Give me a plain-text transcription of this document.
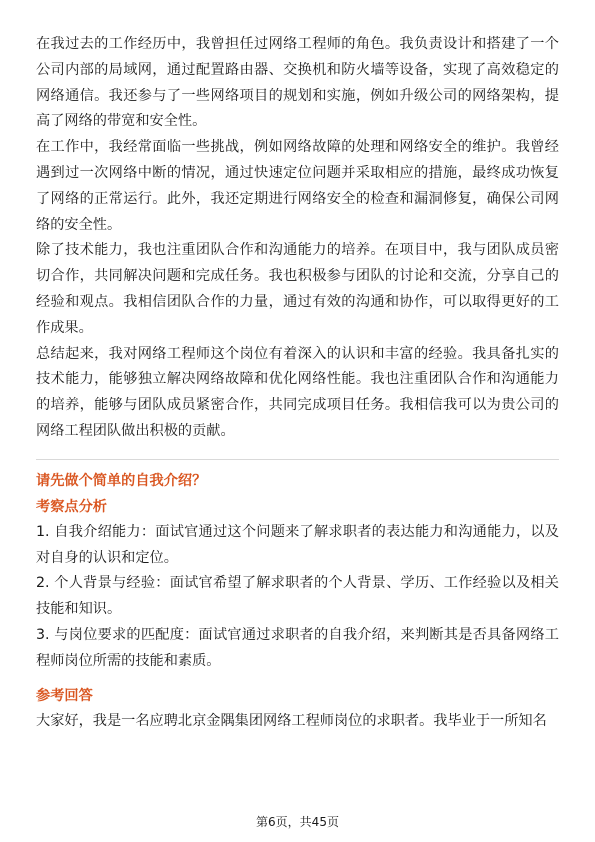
在我过去的工作经历中，我曾担任过网络工程师的角色。我负责设计和搭建了一个公司内部的局域网，通过配置路由器、交换机和防火墙等设备，实现了高效稳定的网络通信。我还参与了一些网络项目的规划和实施，例如升级公司的网络架构，提高了网络的带宽和安全性。

在工作中，我经常面临一些挑战，例如网络故障的处理和网络安全的维护。我曾经遇到过一次网络中断的情况，通过快速定位问题并采取相应的措施，最终成功恢复了网络的正常运行。此外，我还定期进行网络安全的检查和漏洞修复，确保公司网络的安全性。

除了技术能力，我也注重团队合作和沟通能力的培养。在项目中，我与团队成员密切合作，共同解决问题和完成任务。我也积极参与团队的讨论和交流，分享自己的经验和观点。我相信团队合作的力量，通过有效的沟通和协作，可以取得更好的工作成果。

总结起来，我对网络工程师这个岗位有着深入的认识和丰富的经验。我具备扎实的技术能力，能够独立解决网络故障和优化网络性能。我也注重团队合作和沟通能力的培养，能够与团队成员紧密合作，共同完成项目任务。我相信我可以为贵公司的网络工程团队做出积极的贡献。

请先做个简单的自我介绍？
考察点分析

1. 自我介绍能力：面试官通过这个问题来了解求职者的表达能力和沟通能力，以及对自身的认识和定位。

2. 个人背景与经验：面试官希望了解求职者的个人背景、学历、工作经验以及相关技能和知识。

3. 与岗位要求的匹配度：面试官通过求职者的自我介绍，来判断其是否具备网络工程师岗位所需的技能和素质。

参考回答

大家好，我是一名应聘北京金隅集团网络工程师岗位的求职者。我毕业于一所知名

第6页，共45页
